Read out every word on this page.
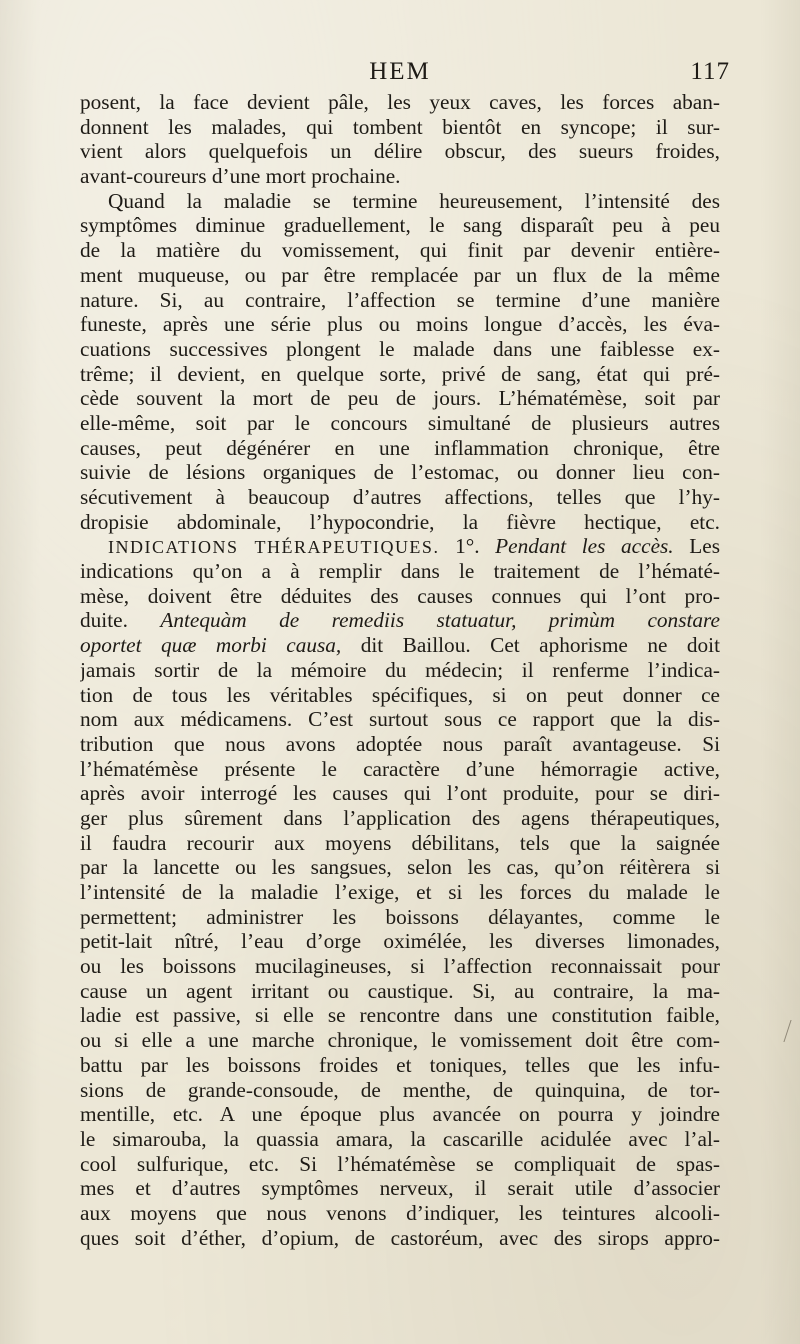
HEM	117
posent, la face devient pâle, les yeux caves, les forces aban-
donnent les malades, qui tombent bientôt en syncope; il sur-
vient alors quelquefois un délire obscur, des sueurs froides,
avant-coureurs d’une mort prochaine.
Quand la maladie se termine heureusement, l’intensité des
symptômes diminue graduellement, le sang disparaît peu à peu
de la matière du vomissement, qui finit par devenir entière-
ment muqueuse, ou par être remplacée par un flux de la même
nature. Si, au contraire, l’affection se termine d’une manière
funeste, après une série plus ou moins longue d’accès, les éva-
cuations successives plongent le malade dans une faiblesse ex-
trême; il devient, en quelque sorte, privé de sang, état qui pré-
cède souvent la mort de peu de jours. L’hématémèse, soit par
elle-même, soit par le concours simultané de plusieurs autres
causes, peut dégénérer en une inflammation chronique, être
suivie de lésions organiques de l’estomac, ou donner lieu con-
sécutivement à beaucoup d’autres affections, telles que l’hy-
dropisie abdominale, l’hypocondrie, la fièvre hectique, etc.
INDICATIONS THÉRAPEUTIQUES. 1°. Pendant les accès. Les
indications qu’on a à remplir dans le traitement de l’hématé-
mèse, doivent être déduites des causes connues qui l’ont pro-
duite. Antequàm de remediis statuatur, primùm constare
oportet quæ morbi causa, dit Baillou. Cet aphorisme ne doit
jamais sortir de la mémoire du médecin; il renferme l’indica-
tion de tous les véritables spécifiques, si on peut donner ce
nom aux médicamens. C’est surtout sous ce rapport que la dis-
tribution que nous avons adoptée nous paraît avantageuse. Si
l’hématémèse présente le caractère d’une hémorragie active,
après avoir interrogé les causes qui l’ont produite, pour se diri-
ger plus sûrement dans l’application des agens thérapeutiques,
il faudra recourir aux moyens débilitans, tels que la saignée
par la lancette ou les sangsues, selon les cas, qu’on réitèrera si
l’intensité de la maladie l’exige, et si les forces du malade le
permettent; administrer les boissons délayantes, comme le
petit-lait nîtré, l’eau d’orge oximélée, les diverses limonades,
ou les boissons mucilagineuses, si l’affection reconnaissait pour
cause un agent irritant ou caustique. Si, au contraire, la ma-
ladie est passive, si elle se rencontre dans une constitution faible,
ou si elle a une marche chronique, le vomissement doit être com-
battu par les boissons froides et toniques, telles que les infu-
sions de grande-consoude, de menthe, de quinquina, de tor-
mentille, etc. A une époque plus avancée on pourra y joindre
le simarouba, la quassia amara, la cascarille acidulée avec l’al-
cool sulfurique, etc. Si l’hématémèse se compliquait de spas-
mes et d’autres symptômes nerveux, il serait utile d’associer
aux moyens que nous venons d’indiquer, les teintures alcooli-
ques soit d’éther, d’opium, de castoréum, avec des sirops appro-
